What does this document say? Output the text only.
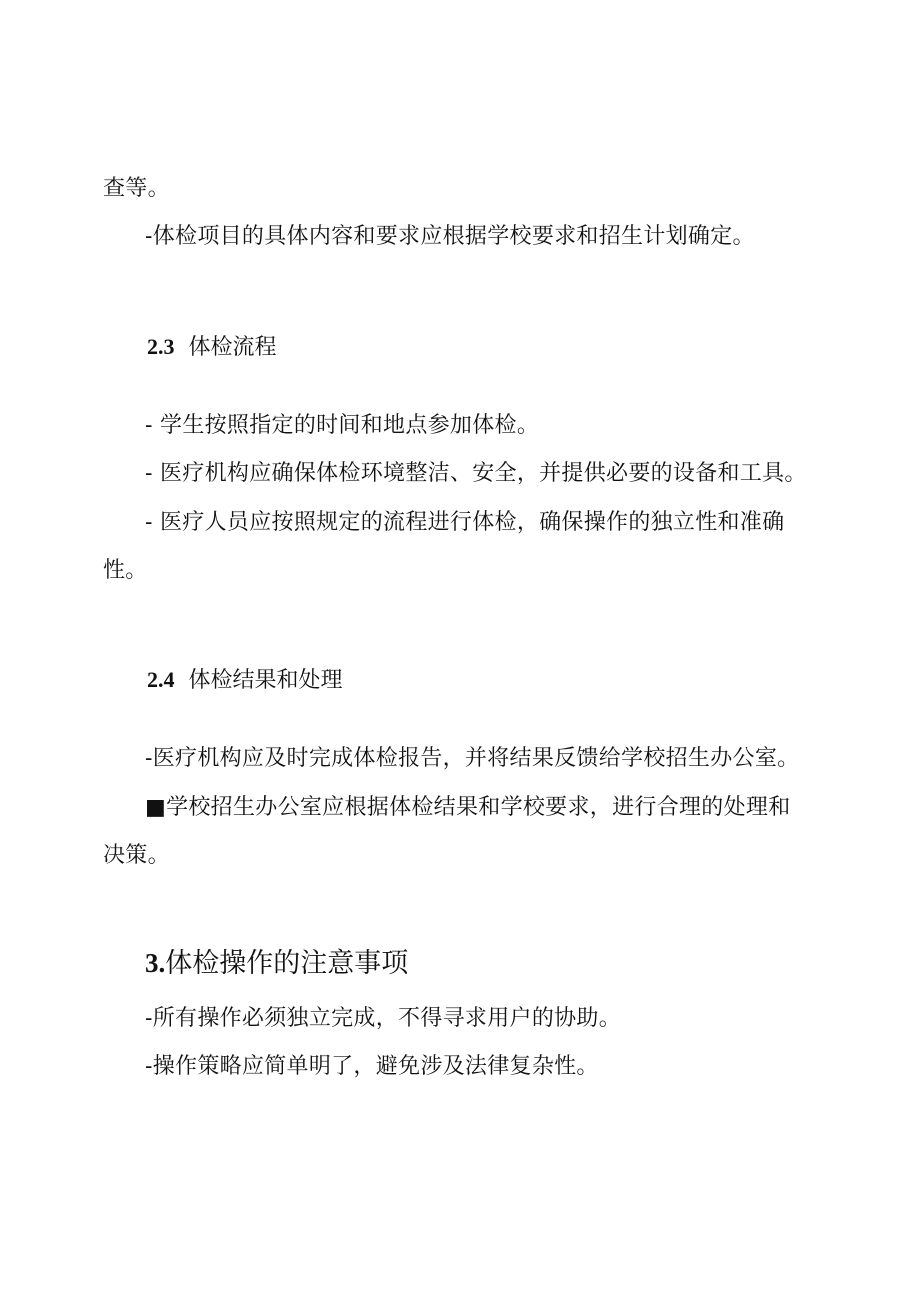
查等。
-体检项目的具体内容和要求应根据学校要求和招生计划确定。
2.3 体检流程
- 学生按照指定的时间和地点参加体检。
- 医疗机构应确保体检环境整洁、安全，并提供必要的设备和工具。
- 医疗人员应按照规定的流程进行体检，确保操作的独立性和准确
性。
2.4 体检结果和处理
-医疗机构应及时完成体检报告，并将结果反馈给学校招生办公室。
■学校招生办公室应根据体检结果和学校要求，进行合理的处理和
决策。
3.体检操作的注意事项
-所有操作必须独立完成，不得寻求用户的协助。
-操作策略应简单明了，避免涉及法律复杂性。
